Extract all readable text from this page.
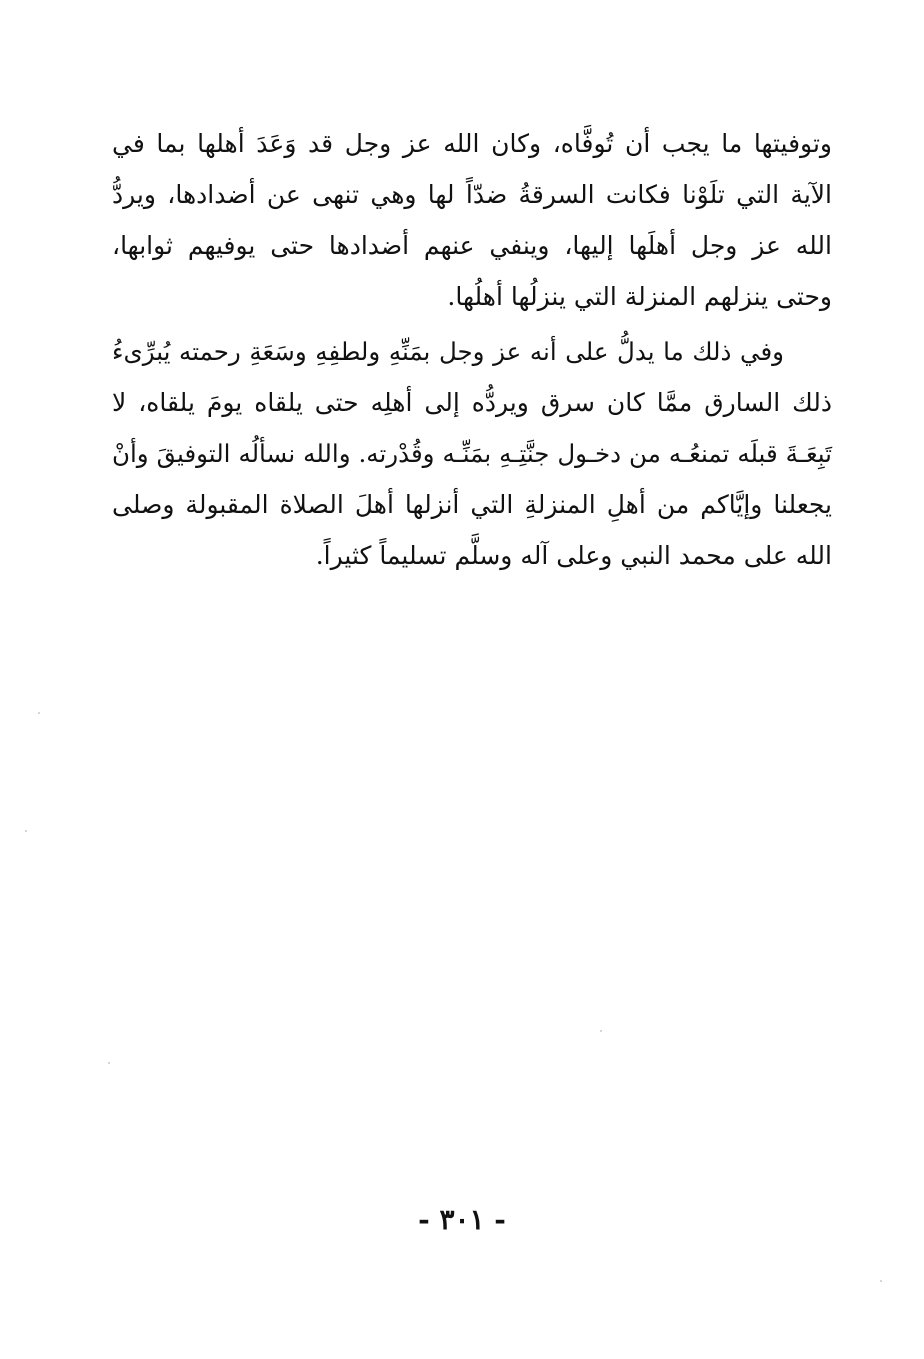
وتوفيتها ما يجب أن تُوفَّاه، وكان الله عز وجل قد وَعَدَ أهلها بما في
الآية التي تلَوْنا فكانت السرقةُ ضدّاً لها وهي تنهى عن أضدادها، ويردُّ
الله عز وجل أهلَها إليها، وينفي عنهم أضدادها حتى يوفيهم ثوابها،
وحتى ينزلهم المنزلة التي ينزلُها أهلُها.
وفي ذلك ما يدلُّ على أنه عز وجل بمَنِّهِ ولطفِهِ وسَعَةِ رحمته يُبرِّىءُ
ذلك السارق ممَّا كان سرق ويردُّه إلى أهلِه حتى يلقاه يومَ يلقاه، لا
تَبِعَـةَ قبلَه تمنعُـه من دخـول جنَّتِـهِ بمَنِّـه وقُدْرته. والله نسألُه التوفيقَ وأنْ
يجعلنا وإيَّاكم من أهلِ المنزلةِ التي أنزلها أهلَ الصلاة المقبولة وصلى
الله على محمد النبي وعلى آله وسلَّم تسليماً كثيراً.
- ٣٠١ -
